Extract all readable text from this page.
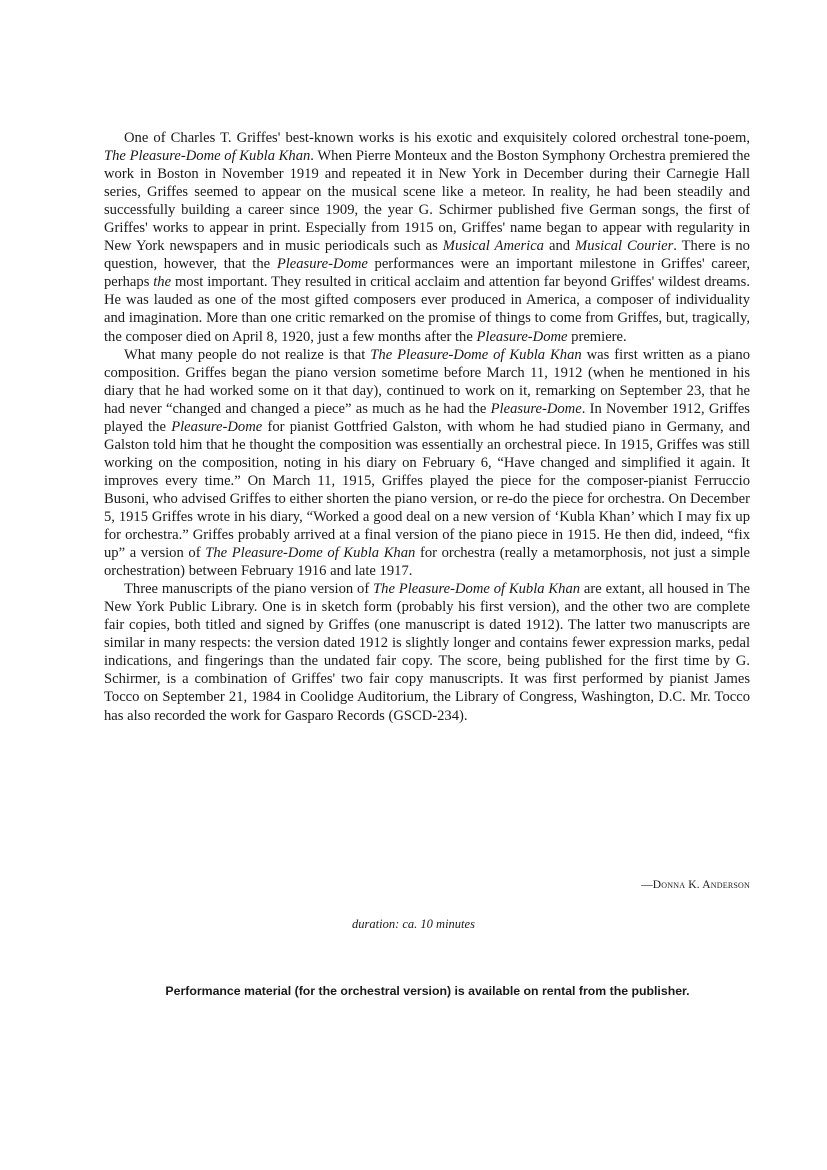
One of Charles T. Griffes' best-known works is his exotic and exquisitely colored orchestral tone-poem, The Pleasure-Dome of Kubla Khan. When Pierre Monteux and the Boston Symphony Orchestra premiered the work in Boston in November 1919 and repeated it in New York in December during their Carnegie Hall series, Griffes seemed to appear on the musical scene like a meteor. In reality, he had been steadily and successfully building a career since 1909, the year G. Schirmer published five German songs, the first of Griffes' works to appear in print. Especially from 1915 on, Griffes' name began to appear with regularity in New York newspapers and in music periodicals such as Musical America and Musical Courier. There is no question, however, that the Pleasure-Dome performances were an important milestone in Griffes' career, perhaps the most important. They resulted in critical acclaim and attention far beyond Griffes' wildest dreams. He was lauded as one of the most gifted composers ever produced in America, a composer of individuality and imagination. More than one critic remarked on the promise of things to come from Griffes, but, tragically, the composer died on April 8, 1920, just a few months after the Pleasure-Dome premiere.

What many people do not realize is that The Pleasure-Dome of Kubla Khan was first written as a piano composition. Griffes began the piano version sometime before March 11, 1912 (when he mentioned in his diary that he had worked some on it that day), continued to work on it, remarking on September 23, that he had never “changed and changed a piece” as much as he had the Pleasure-Dome. In November 1912, Griffes played the Pleasure-Dome for pianist Gottfried Galston, with whom he had studied piano in Germany, and Galston told him that he thought the composition was essentially an orchestral piece. In 1915, Griffes was still working on the composition, noting in his diary on February 6, “Have changed and simplified it again. It improves every time.” On March 11, 1915, Griffes played the piece for the composer-pianist Ferruccio Busoni, who advised Griffes to either shorten the piano version, or re-do the piece for orchestra. On December 5, 1915 Griffes wrote in his diary, “Worked a good deal on a new version of ‘Kubla Khan’ which I may fix up for orchestra.” Griffes probably arrived at a final version of the piano piece in 1915. He then did, indeed, “fix up” a version of The Pleasure-Dome of Kubla Khan for orchestra (really a metamorphosis, not just a simple orchestration) between February 1916 and late 1917.

Three manuscripts of the piano version of The Pleasure-Dome of Kubla Khan are extant, all housed in The New York Public Library. One is in sketch form (probably his first version), and the other two are complete fair copies, both titled and signed by Griffes (one manuscript is dated 1912). The latter two manuscripts are similar in many respects: the version dated 1912 is slightly longer and contains fewer expression marks, pedal indications, and fingerings than the undated fair copy. The score, being published for the first time by G. Schirmer, is a combination of Griffes' two fair copy manuscripts. It was first performed by pianist James Tocco on September 21, 1984 in Coolidge Auditorium, the Library of Congress, Washington, D.C. Mr. Tocco has also recorded the work for Gasparo Records (GSCD-234).

—Donna K. Anderson
duration: ca. 10 minutes
Performance material (for the orchestral version) is available on rental from the publisher.
